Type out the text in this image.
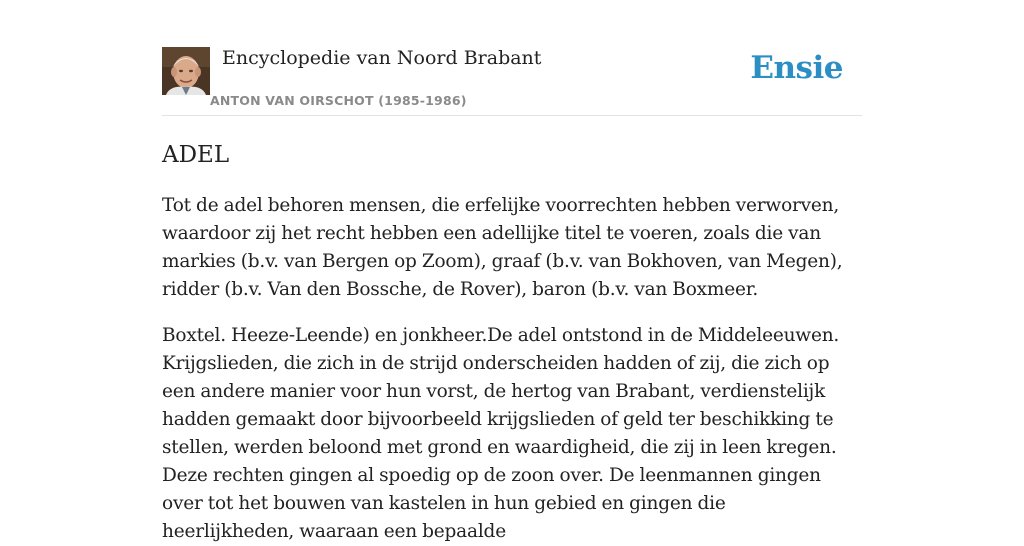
Encyclopedie van Noord Brabant
ANTON VAN OIRSCHOT (1985-1986)
Ensie
ADEL

Tot de adel behoren mensen, die erfelijke voorrechten hebben verworven, waardoor zij het recht hebben een adellijke titel te voeren, zoals die van markies (b.v. van Bergen op Zoom), graaf (b.v. van Bokhoven, van Megen), ridder (b.v. Van den Bossche, de Rover), baron (b.v. van Boxmeer.

Boxtel. Heeze-Leende) en jonkheer.De adel ontstond in de Middeleeuwen. Krijgslieden, die zich in de strijd onderscheiden hadden of zij, die zich op een andere manier voor hun vorst, de hertog van Brabant, verdienstelijk hadden gemaakt door bijvoorbeeld krijgslieden of geld ter beschikking te stellen, werden beloond met grond en waardigheid, die zij in leen kregen. Deze rechten gingen al spoedig op de zoon over. De leenmannen gingen over tot het bouwen van kastelen in hun gebied en gingen die heerlijkheden, waaraan een bepaalde
